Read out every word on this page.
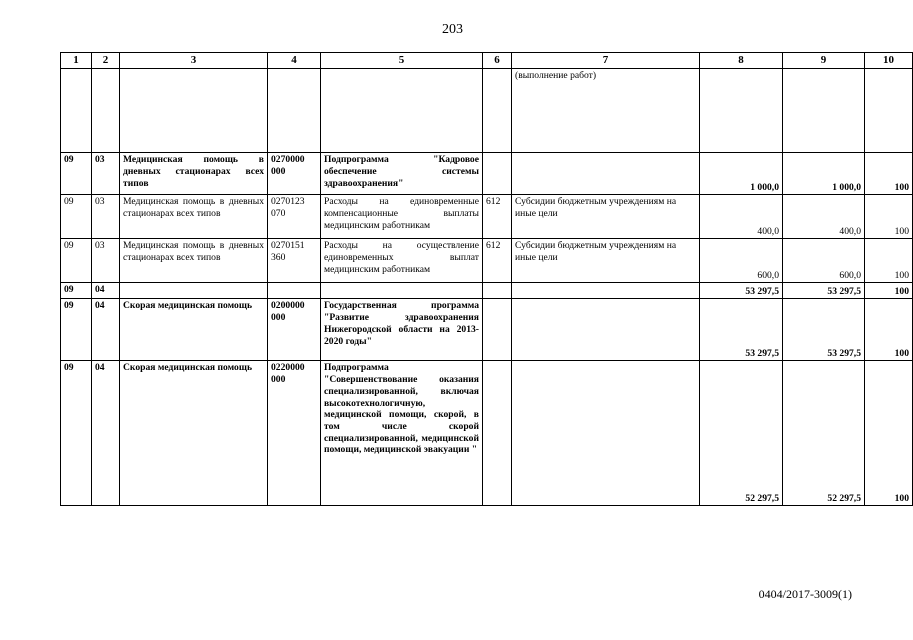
203
1	2	3	4	5	6	7	8	9	10
						(выполнение работ)			
09	03	Медицинская помощь в дневных стационарах всех типов	0270000 000	Подпрограмма "Кадровое обеспечение системы здравоохранения"			1 000,0	1 000,0	100
09	03	Медицинская помощь в дневных стационарах всех типов	0270123 070	Расходы на единовременные компенсационные выплаты медицинским работникам	612	Субсидии бюджетным учреждениям на иные цели	400,0	400,0	100
09	03	Медицинская помощь в дневных стационарах всех типов	0270151 360	Расходы на осуществление единовременных выплат медицинским работникам	612	Субсидии бюджетным учреждениям на иные цели	600,0	600,0	100
09	04						53 297,5	53 297,5	100
09	04	Скорая медицинская помощь	0200000 000	Государственная программа "Развитие здравоохранения Нижегородской области на 2013-2020 годы"			53 297,5	53 297,5	100
09	04	Скорая медицинская помощь	0220000 000	Подпрограмма "Совершенствование оказания специализированной, включая высокотехнологичную, медицинской помощи, скорой, в том числе скорой специализированной, медицинской помощи, медицинской эвакуации "			52 297,5	52 297,5	100
0404/2017-3009(1)
